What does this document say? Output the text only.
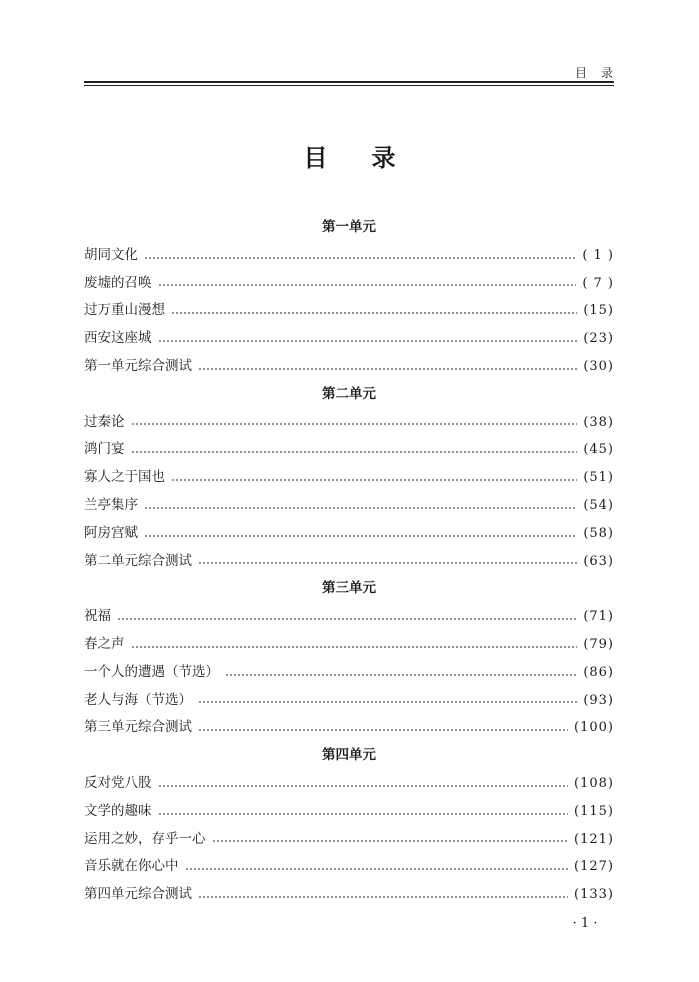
目　录
目 录
第一单元
胡同文化	( 1 )
废墟的召唤	( 7 )
过万重山漫想	(15)
西安这座城	(23)
第一单元综合测试	(30)
第二单元
过秦论	(38)
鸿门宴	(45)
寡人之于国也	(51)
兰亭集序	(54)
阿房宫赋	(58)
第二单元综合测试	(63)
第三单元
祝福	(71)
春之声	(79)
一个人的遭遇（节选）	(86)
老人与海（节选）	(93)
第三单元综合测试	(100)
第四单元
反对党八股	(108)
文学的趣味	(115)
运用之妙，存乎一心	(121)
音乐就在你心中	(127)
第四单元综合测试	(133)
· 1 ·
